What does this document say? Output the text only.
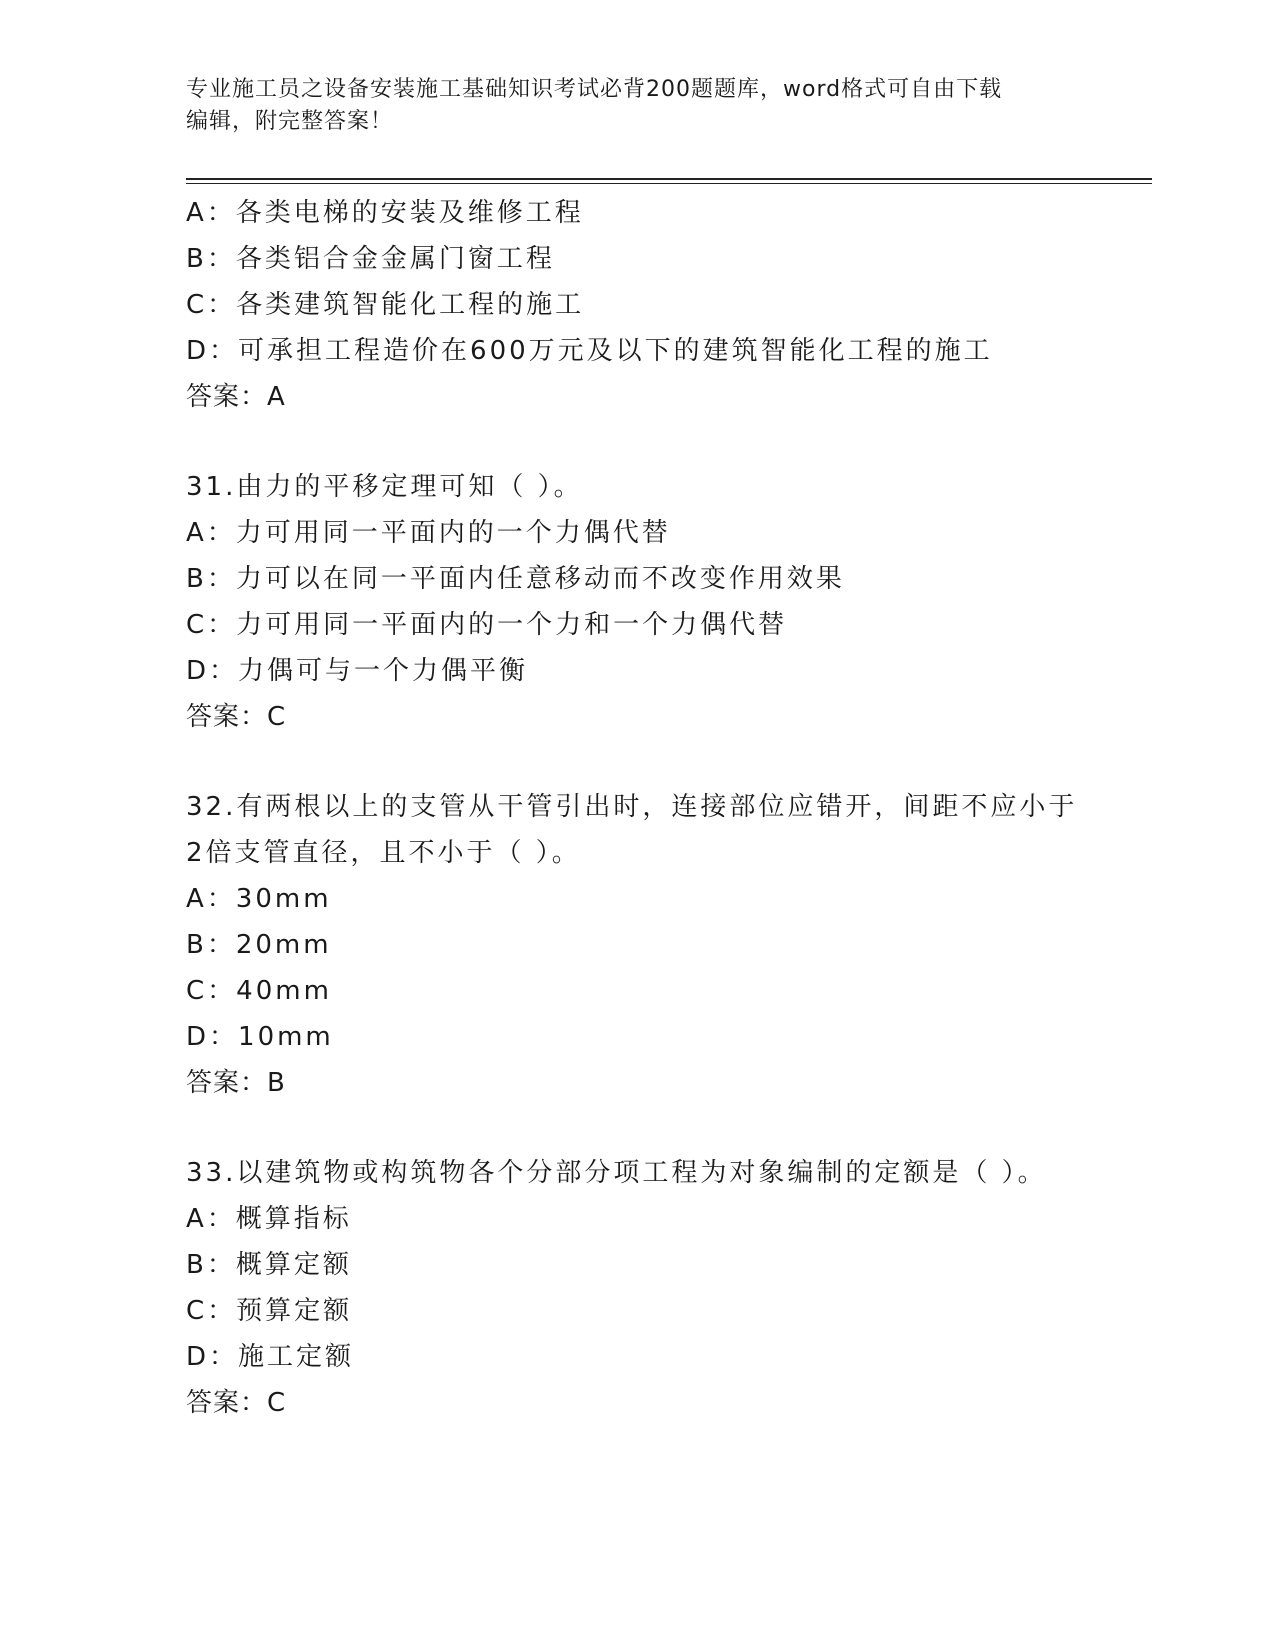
专业施工员之设备安装施工基础知识考试必背200题题库，word格式可自由下载
编辑，附完整答案！
A：各类电梯的安装及维修工程
B：各类铝合金金属门窗工程
C：各类建筑智能化工程的施工
D：可承担工程造价在600万元及以下的建筑智能化工程的施工
答案：A
31.由力的平移定理可知（ ）。
A：力可用同一平面内的一个力偶代替
B：力可以在同一平面内任意移动而不改变作用效果
C：力可用同一平面内的一个力和一个力偶代替
D：力偶可与一个力偶平衡
答案：C
32.有两根以上的支管从干管引出时，连接部位应错开，间距不应小于
2倍支管直径，且不小于（ ）。
A：30mm
B：20mm
C：40mm
D：10mm
答案：B
33.以建筑物或构筑物各个分部分项工程为对象编制的定额是（ ）。
A：概算指标
B：概算定额
C：预算定额
D：施工定额
答案：C
